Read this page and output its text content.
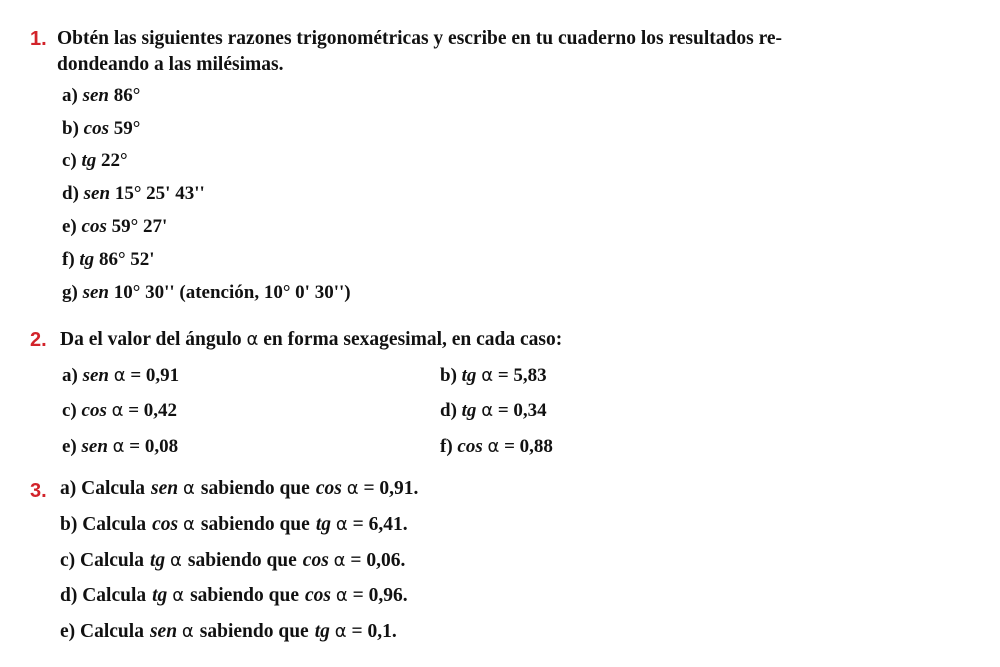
1. Obtén las siguientes razones trigonométricas y escribe en tu cuaderno los resultados re- dondeando a las milésimas.
a) sen 86°
b) cos 59°
c) tg 22°
d) sen 15° 25' 43''
e) cos 59° 27'
f) tg 86° 52'
g) sen 10° 30'' (atención, 10° 0' 30'')
2. Da el valor del ángulo α en forma sexagesimal, en cada caso:
a) sen α = 0,91	b) tg α = 5,83
c) cos α = 0,42	d) tg α = 0,34
e) sen α = 0,08	f) cos α = 0,88
3. a) Calcula sen α sabiendo que cos α = 0,91.
b) Calcula cos α sabiendo que tg α = 6,41.
c) Calcula tg α sabiendo que cos α = 0,06.
d) Calcula tg α sabiendo que cos α = 0,96.
e) Calcula sen α sabiendo que tg α = 0,1.
